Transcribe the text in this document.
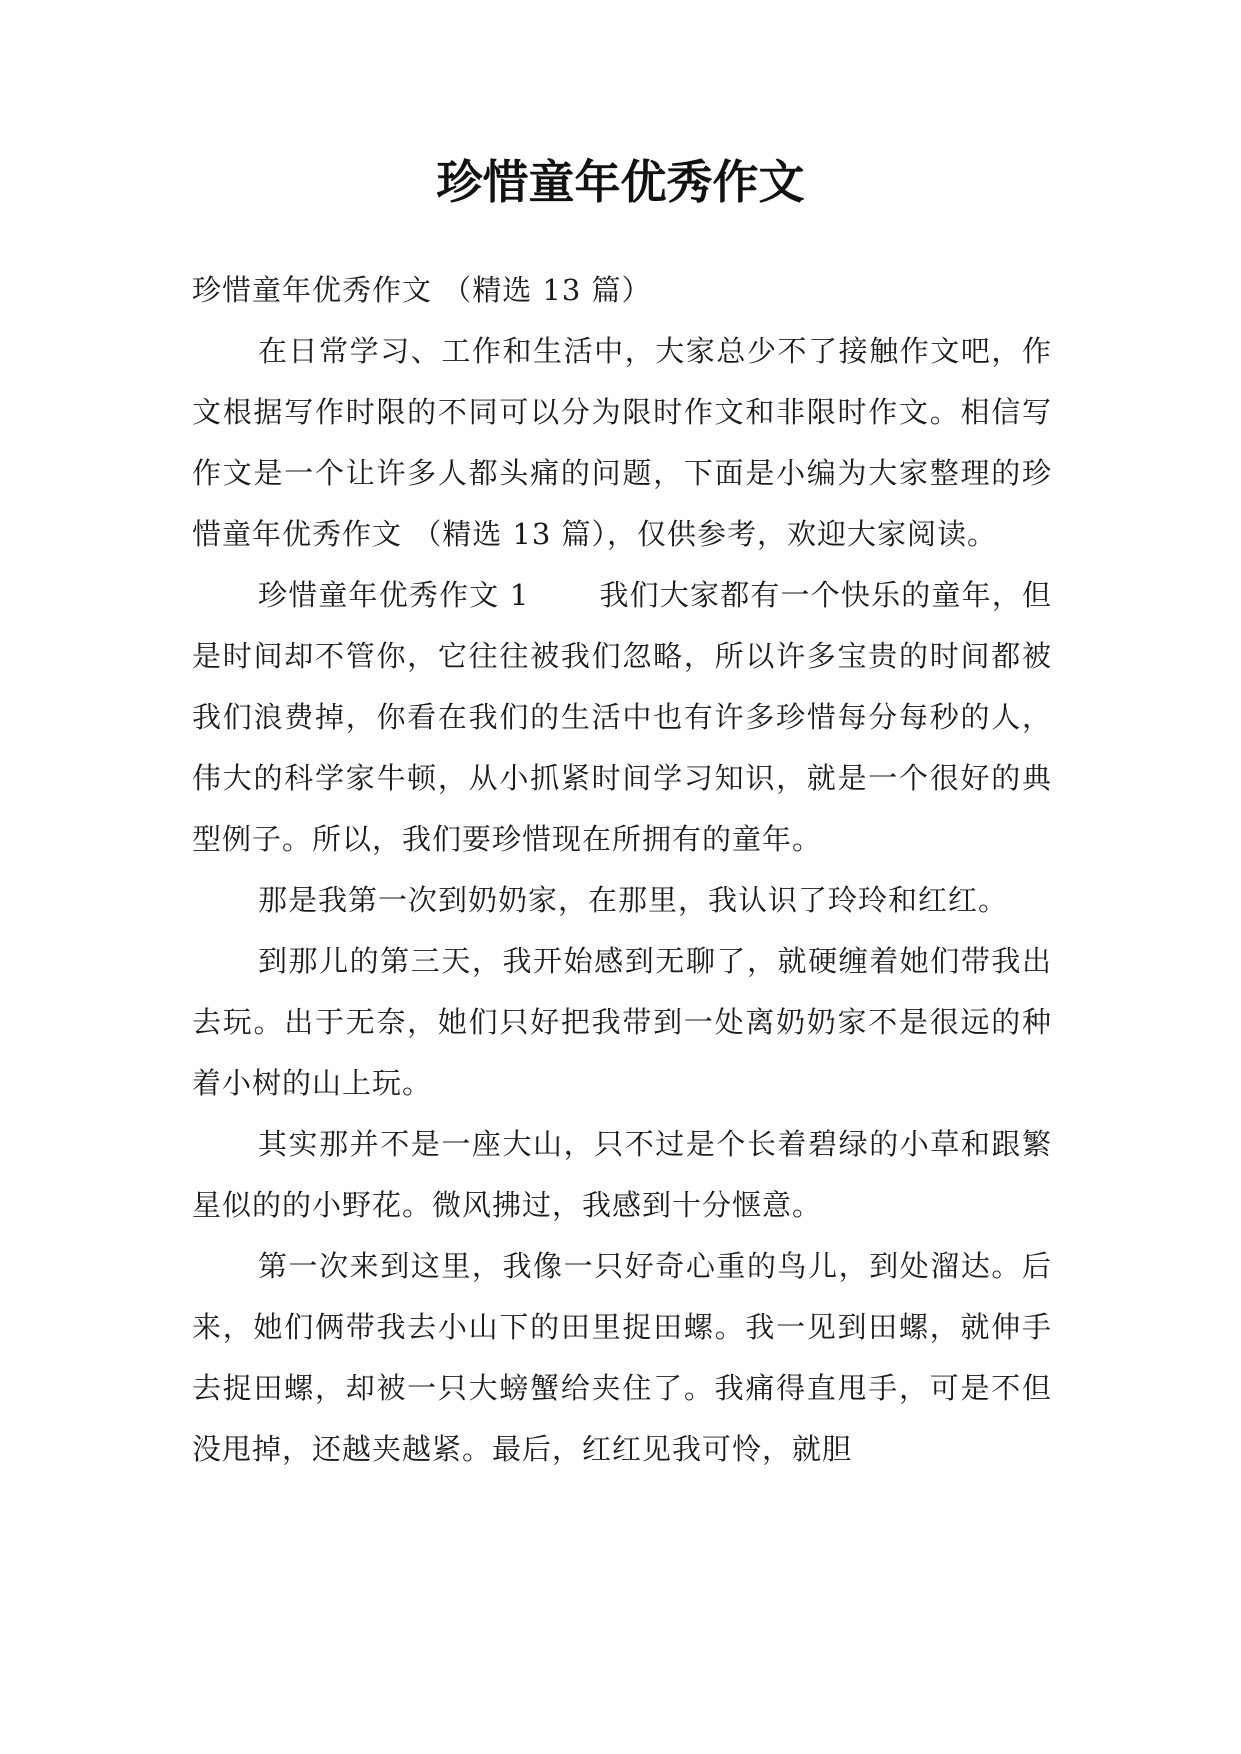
珍惜童年优秀作文

珍惜童年优秀作文 （精选 13 篇）

在日常学习、工作和生活中，大家总少不了接触作文吧，作文根据写作时限的不同可以分为限时作文和非限时作文。相信写作文是一个让许多人都头痛的问题，下面是小编为大家整理的珍惜童年优秀作文 （精选 13 篇），仅供参考，欢迎大家阅读。

珍惜童年优秀作文 1 我们大家都有一个快乐的童年，但是时间却不管你，它往往被我们忽略，所以许多宝贵的时间都被我们浪费掉，你看在我们的生活中也有许多珍惜每分每秒的人，伟大的科学家牛顿，从小抓紧时间学习知识，就是一个很好的典型例子。所以，我们要珍惜现在所拥有的童年。

那是我第一次到奶奶家，在那里，我认识了玲玲和红红。

到那儿的第三天，我开始感到无聊了，就硬缠着她们带我出去玩。出于无奈，她们只好把我带到一处离奶奶家不是很远的种着小树的山上玩。

其实那并不是一座大山，只不过是个长着碧绿的小草和跟繁星似的的小野花。微风拂过，我感到十分惬意。

第一次来到这里，我像一只好奇心重的鸟儿，到处溜达。后来，她们俩带我去小山下的田里捉田螺。我一见到田螺，就伸手去捉田螺，却被一只大螃蟹给夹住了。我痛得直甩手，可是不但没甩掉，还越夹越紧。最后，红红见我可怜，就胆
